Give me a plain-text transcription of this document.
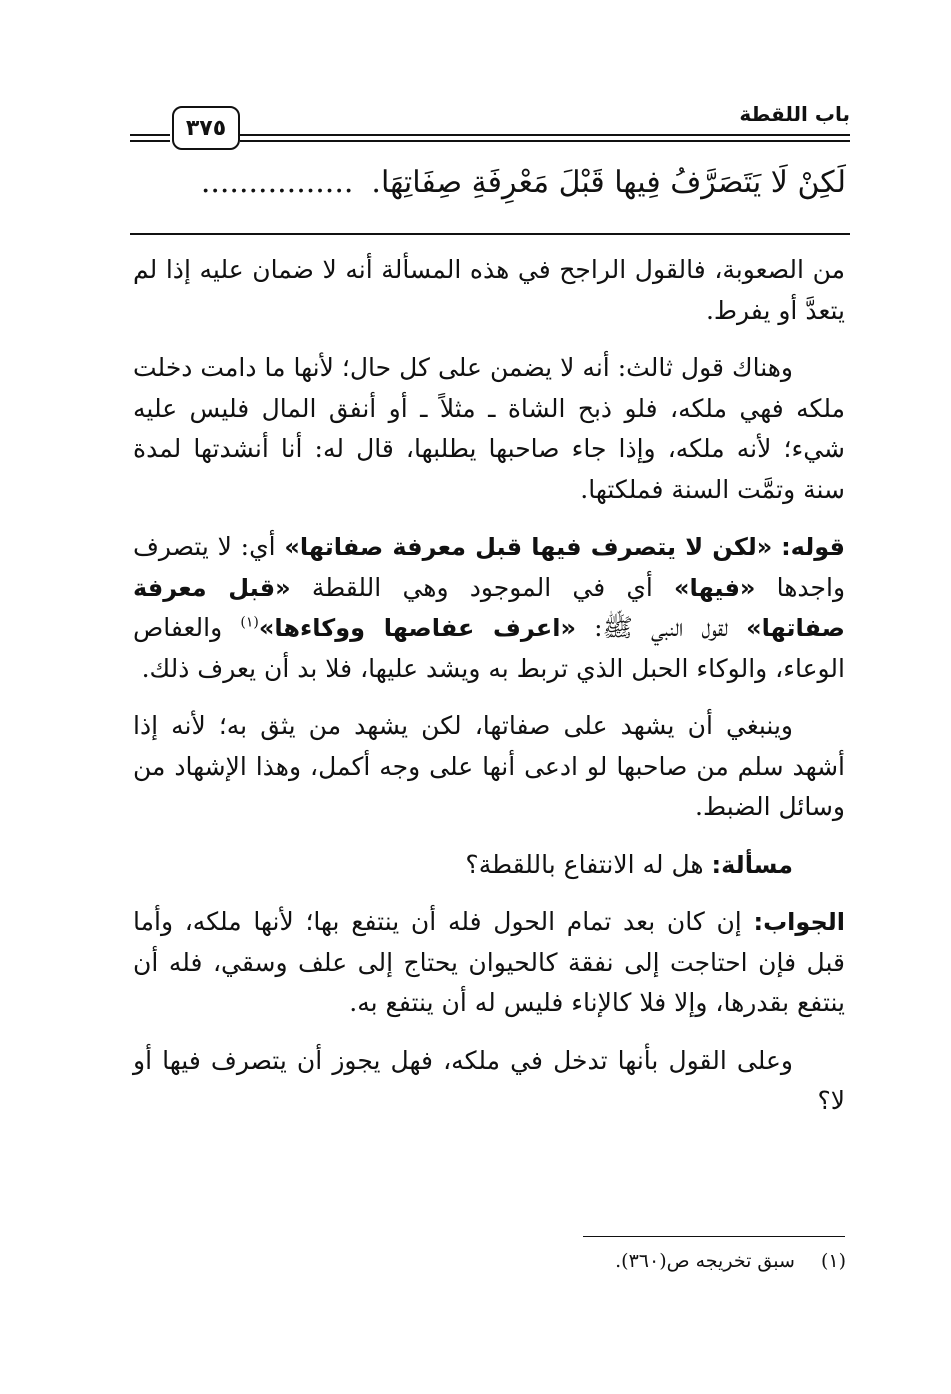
باب اللقطة
٣٧٥
لَكِنْ لَا يَتَصَرَّفُ فِيها قَبْلَ مَعْرِفَةِ صِفَاتِهَا.................

من الصعوبة، فالقول الراجح في هذه المسألة أنه لا ضمان عليه إذا لم يتعدَّ أو يفرط.

وهناك قول ثالث: أنه لا يضمن على كل حال؛ لأنها ما دامت دخلت ملكه فهي ملكه، فلو ذبح الشاة ـ مثلاً ـ أو أنفق المال فليس عليه شيء؛ لأنه ملكه، وإذا جاء صاحبها يطلبها، قال له: أنا أنشدتها لمدة سنة وتمَّت السنة فملكتها.

قوله: «لكن لا يتصرف فيها قبل معرفة صفاتها» أي: لا يتصرف واجدها «فيها» أي في الموجود وهي اللقطة «قبل معرفة صفاتها» لقول النبي ﷺ: «اعرف عفاصها ووكاءها»$^{(١)}$ والعفاص الوعاء، والوكاء الحبل الذي تربط به ويشد عليها، فلا بد أن يعرف ذلك.

وينبغي أن يشهد على صفاتها، لكن يشهد من يثق به؛ لأنه إذا أشهد سلم من صاحبها لو ادعى أنها على وجه أكمل، وهذا الإشهاد من وسائل الضبط.

مسألة: هل له الانتفاع باللقطة؟

الجواب: إن كان بعد تمام الحول فله أن ينتفع بها؛ لأنها ملكه، وأما قبل فإن احتاجت إلى نفقة كالحيوان يحتاج إلى علف وسقي، فله أن ينتفع بقدرها، وإلا فلا كالإناء فليس له أن ينتفع به.

وعلى القول بأنها تدخل في ملكه، فهل يجوز أن يتصرف فيها أو لا؟

(١)سبق تخريجه ص(٣٦٠).
